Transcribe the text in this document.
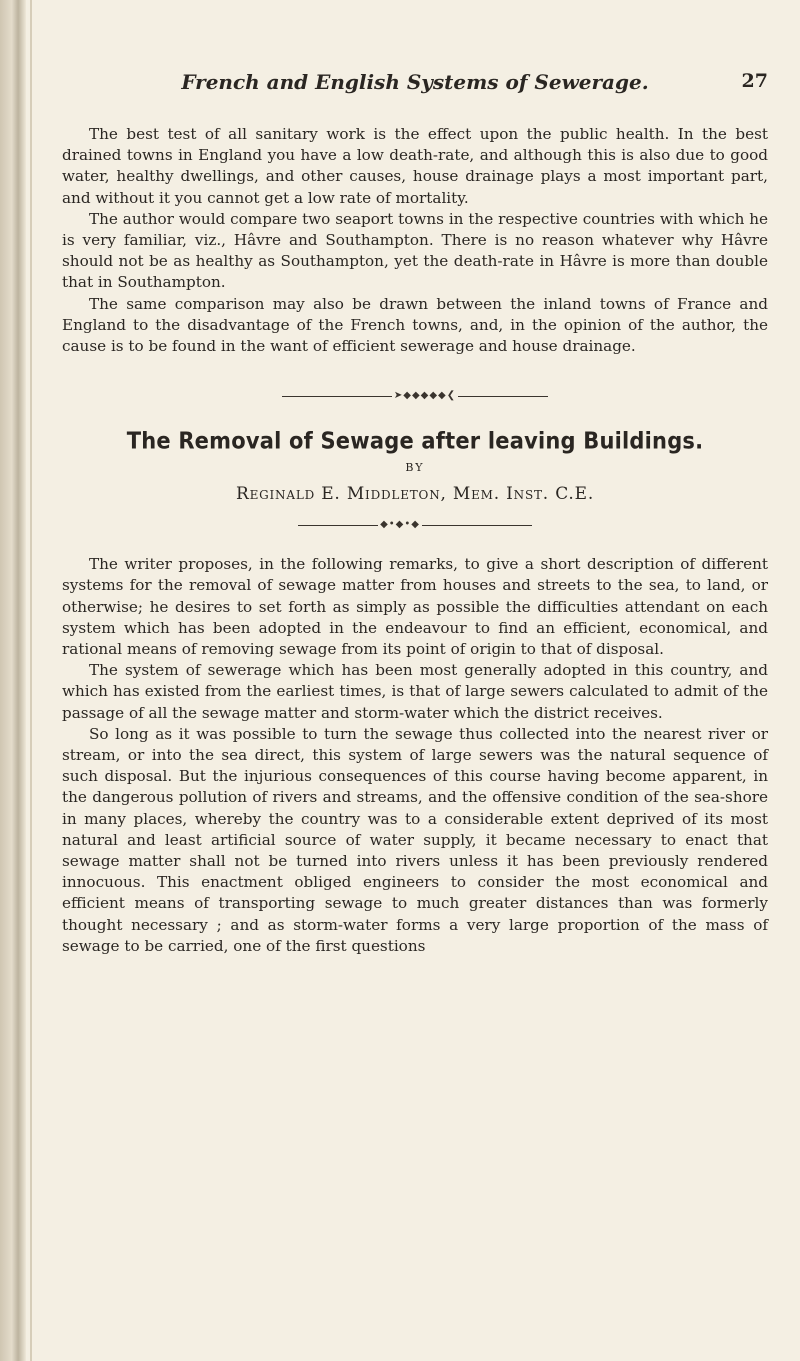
French and English Systems of Sewerage.	27

The best test of all sanitary work is the effect upon the public health. In the best drained towns in England you have a low death-rate, and although this is also due to good water, healthy dwellings, and other causes, house drainage plays a most important part, and without it you cannot get a low rate of mortality.

The author would compare two seaport towns in the respective countries with which he is very familiar, viz., Hâvre and Southampton. There is no reason whatever why Hâvre should not be as healthy as Southampton, yet the death-rate in Hâvre is more than double that in Southampton.

The same comparison may also be drawn between the inland towns of France and England to the disadvantage of the French towns, and, in the opinion of the author, the cause is to be found in the want of efficient sewerage and house drainage.

➤◆◆◆◆◆❮
The Removal of Sewage after leaving Buildings.
BY
Reginald E. Middleton, Mem. Inst. C.E.
◆•◆•◆

The writer proposes, in the following remarks, to give a short description of different systems for the removal of sewage matter from houses and streets to the sea, to land, or otherwise; he desires to set forth as simply as possible the difficulties attendant on each system which has been adopted in the endeavour to find an efficient, economical, and rational means of removing sewage from its point of origin to that of disposal.

The system of sewerage which has been most generally adopted in this country, and which has existed from the earliest times, is that of large sewers calculated to admit of the passage of all the sewage matter and storm-water which the district receives.

So long as it was possible to turn the sewage thus collected into the nearest river or stream, or into the sea direct, this system of large sewers was the natural sequence of such disposal. But the injurious consequences of this course having become apparent, in the dangerous pollution of rivers and streams, and the offensive condition of the sea-shore in many places, whereby the country was to a considerable extent deprived of its most natural and least artificial source of water supply, it became necessary to enact that sewage matter shall not be turned into rivers unless it has been previously rendered innocuous. This enactment obliged engineers to consider the most economical and efficient means of transporting sewage to much greater distances than was formerly thought necessary ; and as storm-water forms a very large proportion of the mass of sewage to be carried, one of the first questions
